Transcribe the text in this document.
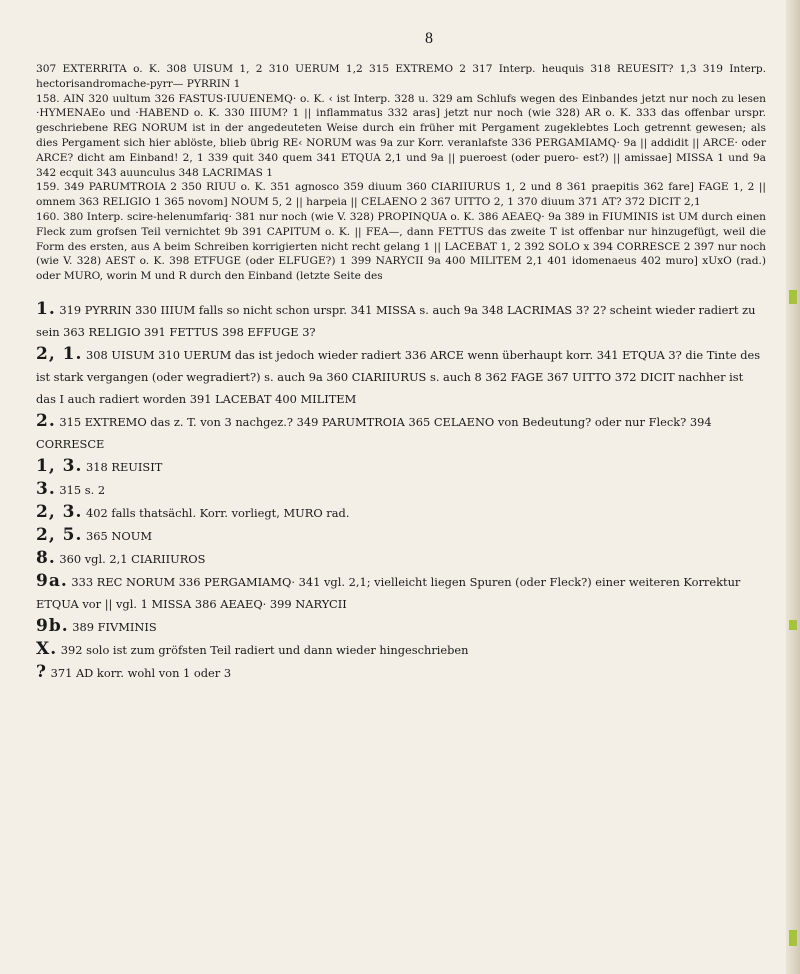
8

307 EXTERRITA o. K. 308 UISUM 1, 2 310 UERUM 1,2 315 EXTREMO 2 317 Interp. heuquis 318 REUESIT? 1,3 319 Interp. hectorisandromache-pyrr— PYRRIN 1

158. AIN 320 uultum 326 FASTUS·IUUENEMQ· o. K. ‹ ist Interp. 328 u. 329 am Schlufs wegen des Einbandes jetzt nur noch zu lesen ·HYMENAEo und ·HABEND o. K. 330 IIIUM? 1 || inflammatus 332 aras] jetzt nur noch (wie 328) AR o. K. 333 das offenbar urspr. geschriebene REG NORUM ist in der angedeuteten Weise durch ein früher mit Pergament zugeklebtes Loch getrennt gewesen; als dies Pergament sich hier ablöste, blieb übrig RE‹ NORUM was 9a zur Korr. veranlafste 336 PERGAMIAMQ· 9a || addidit || ARCE· oder ARCE? dicht am Einband! 2, 1 339 quit 340 quem 341 ETQUA 2,1 und 9a || pueroest (oder puero- est?) || amissae] MISSA 1 und 9a 342 ecquit 343 auunculus 348 LACRIMAS 1

159. 349 PARUMTROIA 2 350 RIUU o. K. 351 agnosco 359 diuum 360 CIARIIURUS 1, 2 und 8 361 praepitis 362 fare] FAGE 1, 2 || omnem 363 RELIGIO 1 365 novom] NOUM 5, 2 || harpeia || CELAENO 2 367 UITTO 2, 1 370 diuum 371 AT? 372 DICIT 2,1

160. 380 Interp. scire-helenumfariq· 381 nur noch (wie V. 328) PROPINQUA o. K. 386 AEAEQ· 9a 389 in FIUMINIS ist UM durch einen Fleck zum grofsen Teil vernichtet 9b 391 CAPITUM o. K. || FEA—, dann FETTUS das zweite T ist offenbar nur hinzugefügt, weil die Form des ersten, aus A beim Schreiben korrigierten nicht recht gelang 1 || LACEBAT 1, 2 392 SOLO x 394 CORRESCE 2 397 nur noch (wie V. 328) AEST o. K. 398 ETFUGE (oder ELFUGE?) 1 399 NARYCII 9a 400 MILITEM 2,1 401 idomenaeus 402 muro] xUxO (rad.) oder MURO, worin M und R durch den Einband (letzte Seite des

1. 319 PYRRIN 330 IIIUM falls so nicht schon urspr. 341 MISSA s. auch 9a 348 LACRIMAS 3? 2? scheint wieder radiert zu sein 363 RELIGIO 391 FETTUS 398 EFFUGE 3?

2, 1. 308 UISUM 310 UERUM das ist jedoch wieder radiert 336 ARCE wenn überhaupt korr. 341 ETQUA 3? die Tinte des ist stark vergangen (oder wegradiert?) s. auch 9a 360 CIARIIURUS s. auch 8 362 FAGE 367 UITTO 372 DICIT nachher ist das I auch radiert worden 391 LACEBAT 400 MILITEM

2. 315 EXTREMO das z. T. von 3 nachgez.? 349 PARUMTROIA 365 CELAENO von Bedeutung? oder nur Fleck? 394 CORRESCE

1, 3. 318 REUISIT

3. 315 s. 2

2, 3. 402 falls thatsächl. Korr. vorliegt, MURO rad.

2, 5. 365 NOUM

8. 360 vgl. 2,1 CIARIIUROS

9a. 333 REC NORUM 336 PERGAMIAMQ· 341 vgl. 2,1; vielleicht liegen Spuren (oder Fleck?) einer weiteren Korrektur ETQUA vor || vgl. 1 MISSA 386 AEAEQ· 399 NARYCII

9b. 389 FIVMINIS

X. 392 solo ist zum gröfsten Teil radiert und dann wieder hingeschrieben

? 371 AD korr. wohl von 1 oder 3
